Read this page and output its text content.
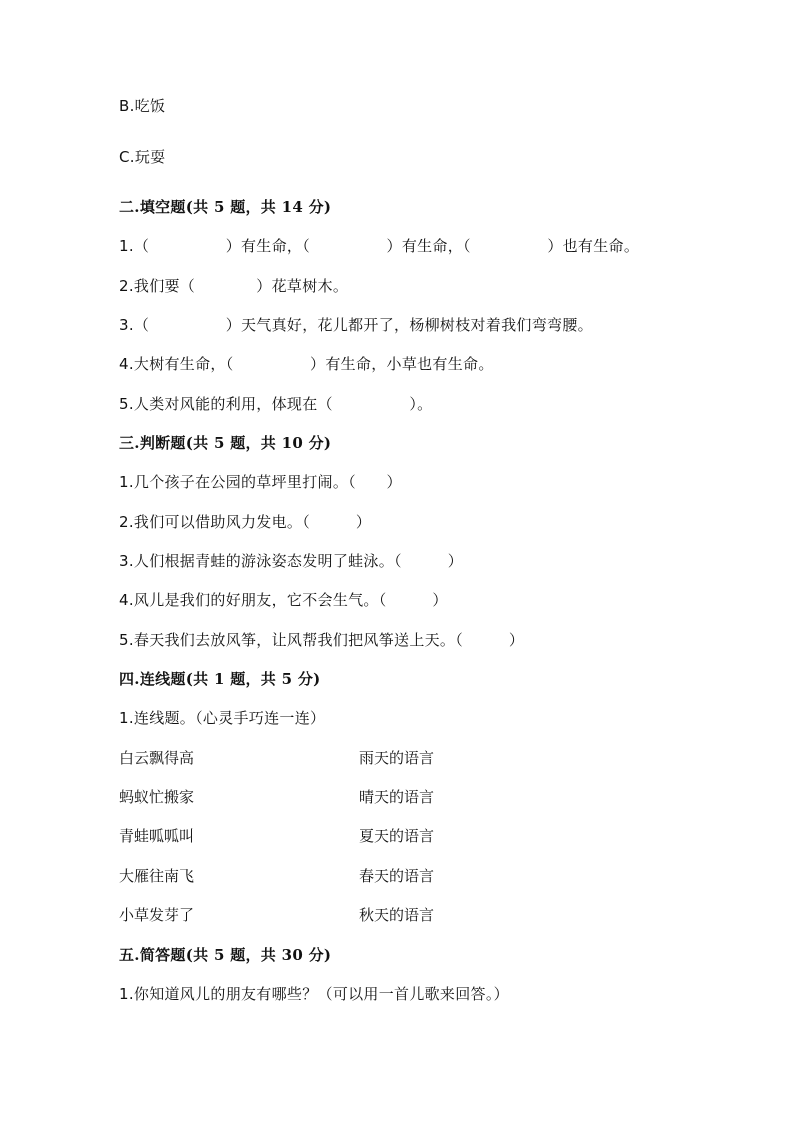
B.吃饭
C.玩耍
二.填空题(共 5 题，共 14 分)
1.（　　　　　）有生命，（　　　　　）有生命，（　　　　　）也有生命。
2.我们要（　　　　）花草树木。
3.（　　　　　）天气真好，花儿都开了，杨柳树枝对着我们弯弯腰。
4.大树有生命，（　　　　　）有生命，小草也有生命。
5.人类对风能的利用，体现在（　　　　　）。
三.判断题(共 5 题，共 10 分)
1.几个孩子在公园的草坪里打闹。（　　）
2.我们可以借助风力发电。（　　　）
3.人们根据青蛙的游泳姿态发明了蛙泳。（　　　）
4.风儿是我们的好朋友，它不会生气。（　　　）
5.春天我们去放风筝，让风帮我们把风筝送上天。（　　　）
四.连线题(共 1 题，共 5 分)
1.连线题。（心灵手巧连一连）
白云飘得高	雨天的语言
蚂蚁忙搬家	晴天的语言
青蛙呱呱叫	夏天的语言
大雁往南飞	春天的语言
小草发芽了	秋天的语言
五.简答题(共 5 题，共 30 分)
1.你知道风儿的朋友有哪些？（可以用一首儿歌来回答。）
